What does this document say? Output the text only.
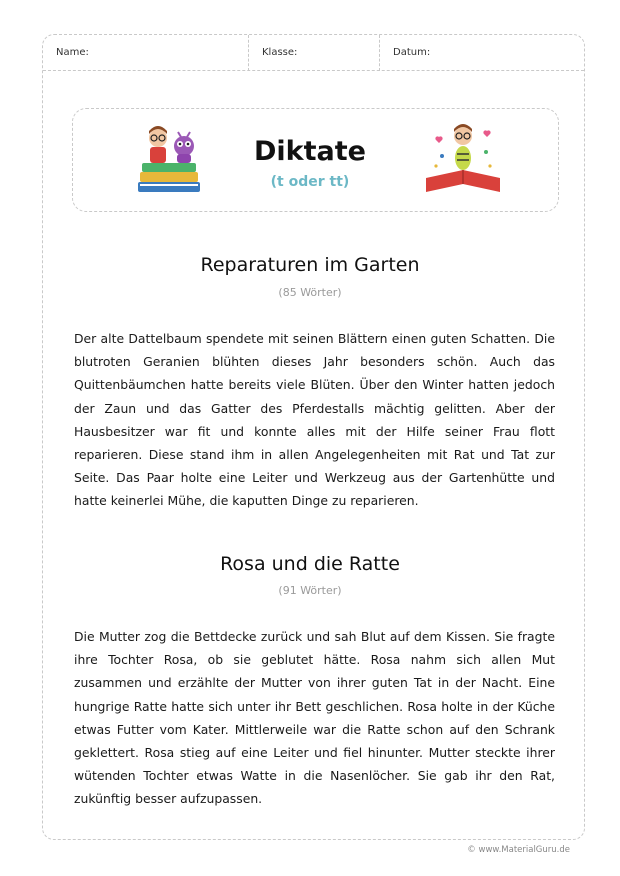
Name:	Klasse:	Datum:
Diktate
(t oder tt)
Reparaturen im Garten
(85 Wörter)
Der alte Dattelbaum spendete mit seinen Blättern einen guten Schatten. Die blutroten Geranien blühten dieses Jahr besonders schön. Auch das Quittenbäumchen hatte bereits viele Blüten. Über den Winter hatten jedoch der Zaun und das Gatter des Pferdestalls mächtig gelitten. Aber der Hausbesitzer war fit und konnte alles mit der Hilfe seiner Frau flott reparieren. Diese stand ihm in allen Angelegenheiten mit Rat und Tat zur Seite. Das Paar holte eine Leiter und Werkzeug aus der Gartenhütte und hatte keinerlei Mühe, die kaputten Dinge zu reparieren.
Rosa und die Ratte
(91 Wörter)
Die Mutter zog die Bettdecke zurück und sah Blut auf dem Kissen. Sie fragte ihre Tochter Rosa, ob sie geblutet hätte. Rosa nahm sich allen Mut zusammen und erzählte der Mutter von ihrer guten Tat in der Nacht. Eine hungrige Ratte hatte sich unter ihr Bett geschlichen. Rosa holte in der Küche etwas Futter vom Kater. Mittlerweile war die Ratte schon auf den Schrank geklettert. Rosa stieg auf eine Leiter und fiel hinunter. Mutter steckte ihrer wütenden Tochter etwas Watte in die Nasenlöcher. Sie gab ihr den Rat, zukünftig besser aufzupassen.
© www.MaterialGuru.de
